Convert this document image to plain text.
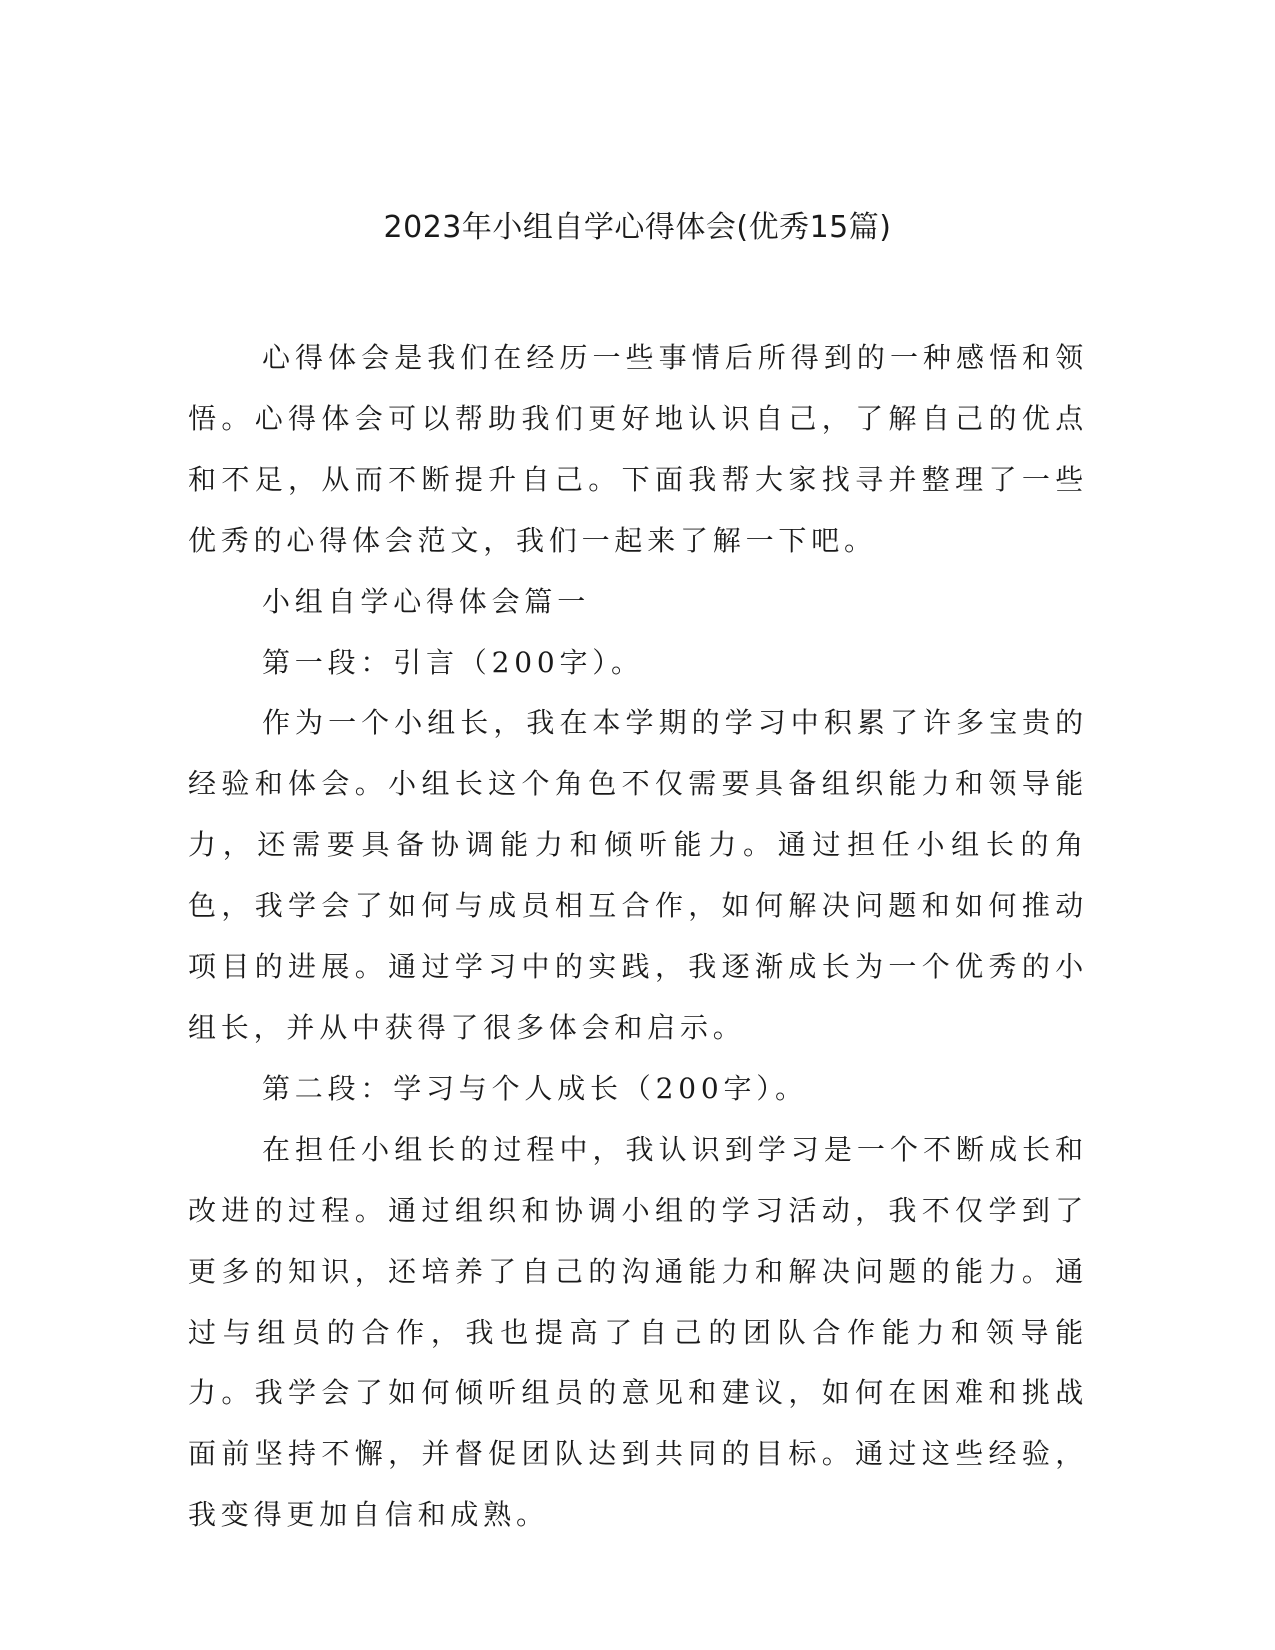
2023年小组自学心得体会(优秀15篇)

心得体会是我们在经历一些事情后所得到的一种感悟和领悟。心得体会可以帮助我们更好地认识自己，了解自己的优点和不足，从而不断提升自己。下面我帮大家找寻并整理了一些优秀的心得体会范文，我们一起来了解一下吧。

小组自学心得体会篇一

第一段：引言（200字）。

作为一个小组长，我在本学期的学习中积累了许多宝贵的经验和体会。小组长这个角色不仅需要具备组织能力和领导能力，还需要具备协调能力和倾听能力。通过担任小组长的角色，我学会了如何与成员相互合作，如何解决问题和如何推动项目的进展。通过学习中的实践，我逐渐成长为一个优秀的小组长，并从中获得了很多体会和启示。

第二段：学习与个人成长（200字）。

在担任小组长的过程中，我认识到学习是一个不断成长和改进的过程。通过组织和协调小组的学习活动，我不仅学到了更多的知识，还培养了自己的沟通能力和解决问题的能力。通过与组员的合作，我也提高了自己的团队合作能力和领导能力。我学会了如何倾听组员的意见和建议，如何在困难和挑战面前坚持不懈，并督促团队达到共同的目标。通过这些经验，我变得更加自信和成熟。
